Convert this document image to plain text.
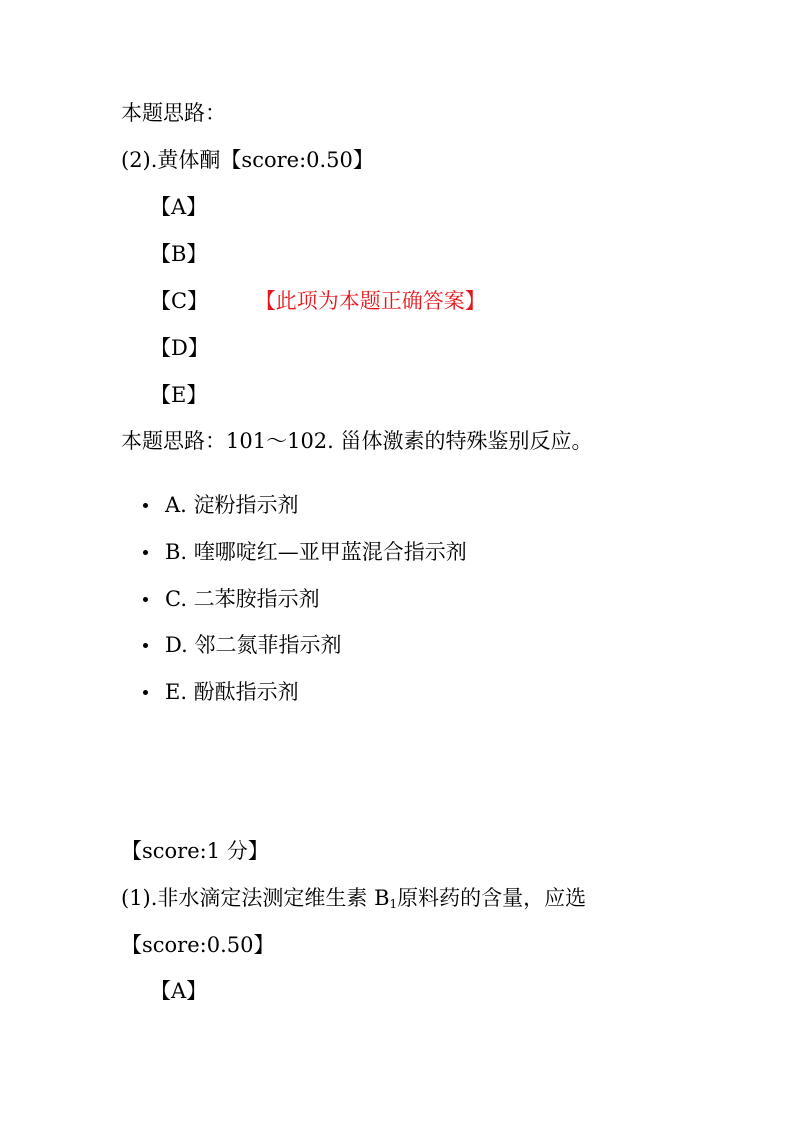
本题思路：
(2).黄体酮【score:0.50】
【A】
【B】
【C】 【此项为本题正确答案】
【D】
【E】
本题思路：101～102. 甾体激素的特殊鉴别反应。
A. 淀粉指示剂
B. 喹哪啶红—亚甲蓝混合指示剂
C. 二苯胺指示剂
D. 邻二氮菲指示剂
E. 酚酞指示剂
【score:1 分】
(1).非水滴定法测定维生素 $B_1$原料药的含量，应选
【score:0.50】
【A】
